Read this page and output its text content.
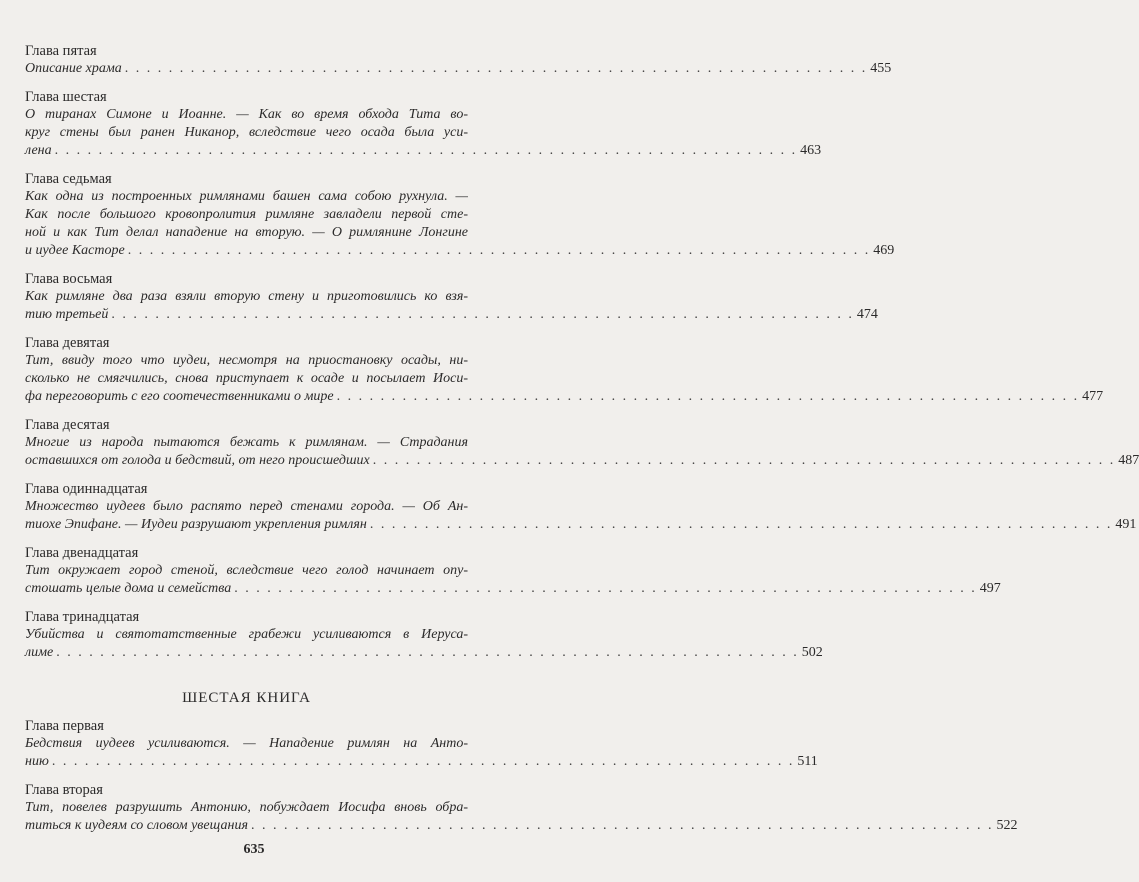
Глава пятая
Описание храма . . . . . . . . . . . . . . . . . . . . . . . . . . . . . . . . . . . . . . . . . . . . . . . . . . . . . . . . . . . . . . . . . . . . 455
Глава шестая
О тиранах Симоне и Иоанне. — Как во время обхода Тита во-
круг стены был ранен Никанор, вследствие чего осада была уси-
лена . . . . . . . . . . . . . . . . . . . . . . . . . . . . . . . . . . . . . . . . . . . . . . . . . . . . . . . . . . . . . . . . . . . . 463
Глава седьмая
Как одна из построенных римлянами башен сама собою рухнула. —
Как после большого кровопролития римляне завладели первой сте-
ной и как Тит делал нападение на вторую. — О римлянине Лонгине
и иудее Касторе . . . . . . . . . . . . . . . . . . . . . . . . . . . . . . . . . . . . . . . . . . . . . . . . . . . . . . . . . . . . . . . . . . . . 469
Глава восьмая
Как римляне два раза взяли вторую стену и приготовились ко взя-
тию третьей . . . . . . . . . . . . . . . . . . . . . . . . . . . . . . . . . . . . . . . . . . . . . . . . . . . . . . . . . . . . . . . . . . . . 474
Глава девятая
Тит, ввиду того что иудеи, несмотря на приостановку осады, ни-
сколько не смягчились, снова приступает к осаде и посылает Иоси-
фа переговорить с его соотечественниками о мире . . . . . . . . . . . . . . . . . . . . . . . . . . . . . . . . . . . . . . . . . . . . . . . . . . . . . . . . . . . . . . . . . . . . 477
Глава десятая
Многие из народа пытаются бежать к римлянам. — Страдания
оставшихся от голода и бедствий, от него происшедших . . . . . . . . . . . . . . . . . . . . . . . . . . . . . . . . . . . . . . . . . . . . . . . . . . . . . . . . . . . . . . . . . . . . 487
Глава одиннадцатая
Множество иудеев было распято перед стенами города. — Об Ан-
тиохе Эпифане. — Иудеи разрушают укрепления римлян . . . . . . . . . . . . . . . . . . . . . . . . . . . . . . . . . . . . . . . . . . . . . . . . . . . . . . . . . . . . . . . . . . . . 491
Глава двенадцатая
Тит окружает город стеной, вследствие чего голод начинает опу-
стошать целые дома и семейства . . . . . . . . . . . . . . . . . . . . . . . . . . . . . . . . . . . . . . . . . . . . . . . . . . . . . . . . . . . . . . . . . . . . 497
Глава тринадцатая
Убийства и святотатственные грабежи усиливаются в Иеруса-
лиме . . . . . . . . . . . . . . . . . . . . . . . . . . . . . . . . . . . . . . . . . . . . . . . . . . . . . . . . . . . . . . . . . . . . 502
ШЕСТАЯ КНИГА
Глава первая
Бедствия иудеев усиливаются. — Нападение римлян на Анто-
нию . . . . . . . . . . . . . . . . . . . . . . . . . . . . . . . . . . . . . . . . . . . . . . . . . . . . . . . . . . . . . . . . . . . . 511
Глава вторая
Тит, повелев разрушить Антонию, побуждает Иосифа вновь обра-
титься к иудеям со словом увещания . . . . . . . . . . . . . . . . . . . . . . . . . . . . . . . . . . . . . . . . . . . . . . . . . . . . . . . . . . . . . . . . . . . . 522
635
